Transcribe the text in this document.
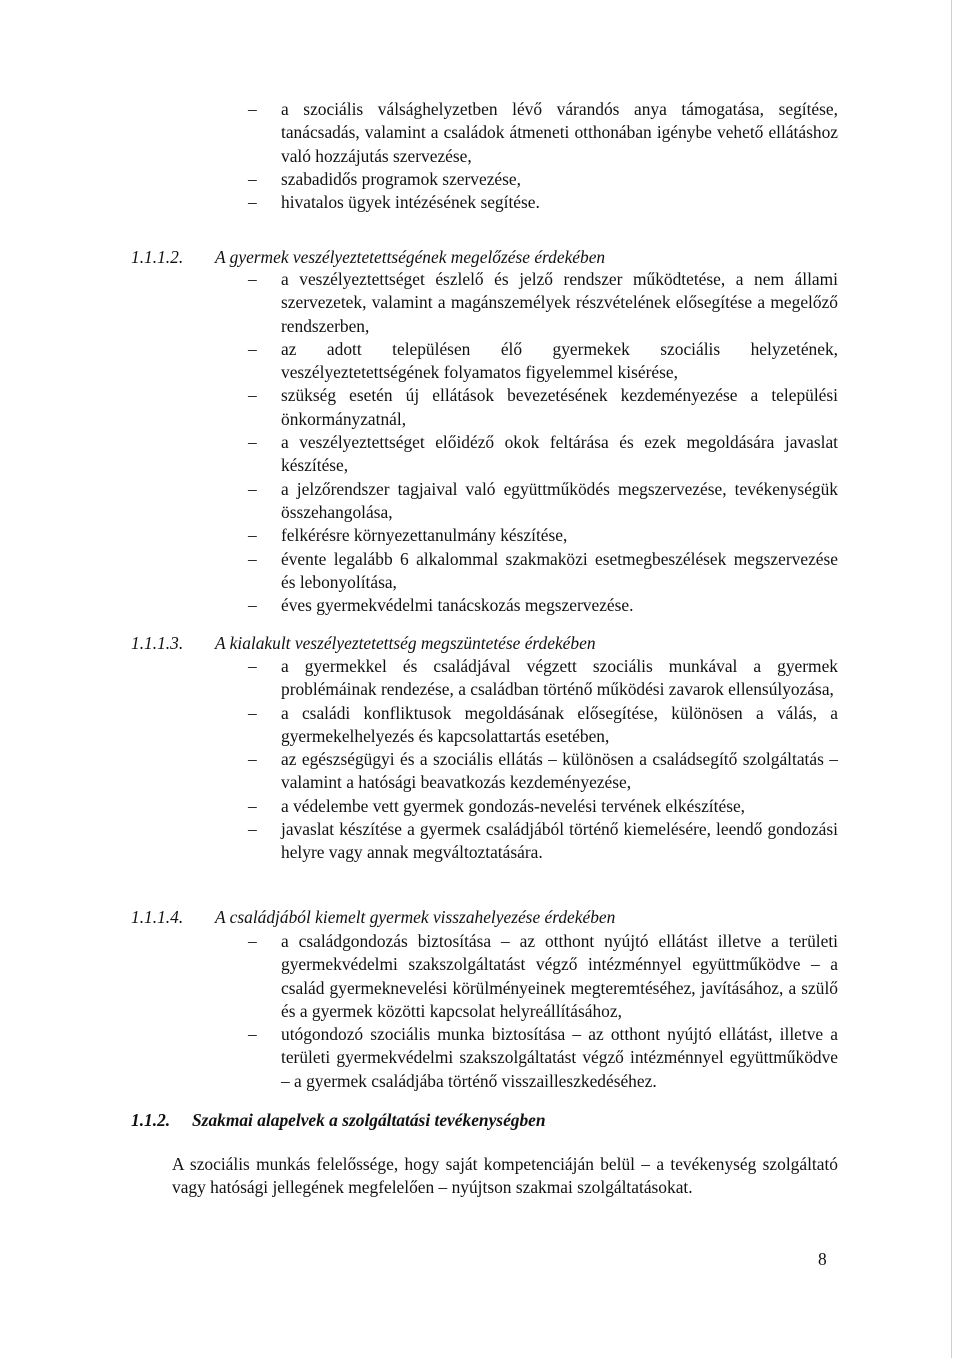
– a szociális válsághelyzetben lévő várandós anya támogatása, segítése, tanácsadás, valamint a családok átmeneti otthonában igénybe vehető ellátáshoz való hozzájutás szervezése,
– szabadidős programok szervezése,
– hivatalos ügyek intézésének segítése.
1.1.1.2. A gyermek veszélyeztetettségének megelőzése érdekében
– a veszélyeztettséget észlelő és jelző rendszer működtetése, a nem állami szervezetek, valamint a magánszemélyek részvételének elősegítése a megelőző rendszerben,
– az adott településen élő gyermekek szociális helyzetének, veszélyeztetettségének folyamatos figyelemmel kisérése,
– szükség esetén új ellátások bevezetésének kezdeményezése a települési önkormányzatnál,
– a veszélyeztettséget előidéző okok feltárása és ezek megoldására javaslat készítése,
– a jelzőrendszer tagjaival való együttműködés megszervezése, tevékenységük összehangolása,
– felkérésre környezettanulmány készítése,
– évente legalább 6 alkalommal szakmaközi esetmegbeszélések megszervezése és lebonyolítása,
– éves gyermekvédelmi tanácskozás megszervezése.
1.1.1.3. A kialakult veszélyeztetettség megszüntetése érdekében
– a gyermekkel és családjával végzett szociális munkával a gyermek problémáinak rendezése, a családban történő működési zavarok ellensúlyozása,
– a családi konfliktusok megoldásának elősegítése, különösen a válás, a gyermekelhelyezés és kapcsolattartás esetében,
– az egészségügyi és a szociális ellátás – különösen a családsegítő szolgáltatás – valamint a hatósági beavatkozás kezdeményezése,
– a védelembe vett gyermek gondozás-nevelési tervének elkészítése,
– javaslat készítése a gyermek családjából történő kiemelésére, leendő gondozási helyre vagy annak megváltoztatására.
1.1.1.4. A családjából kiemelt gyermek visszahelyezése érdekében
– a családgondozás biztosítása – az otthont nyújtó ellátást illetve a területi gyermekvédelmi szakszolgáltatást végző intézménnyel együttműködve – a család gyermeknevelési körülményeinek megteremtéséhez, javításához, a szülő és a gyermek közötti kapcsolat helyreállításához,
– utógondozó szociális munka biztosítása – az otthont nyújtó ellátást, illetve a területi gyermekvédelmi szakszolgáltatást végző intézménnyel együttműködve – a gyermek családjába történő visszailleszkedéséhez.
1.1.2. Szakmai alapelvek a szolgáltatási tevékenységben
A szociális munkás felelőssége, hogy saját kompetenciáján belül – a tevékenység szolgáltató vagy hatósági jellegének megfelelően – nyújtson szakmai szolgáltatásokat.
8
